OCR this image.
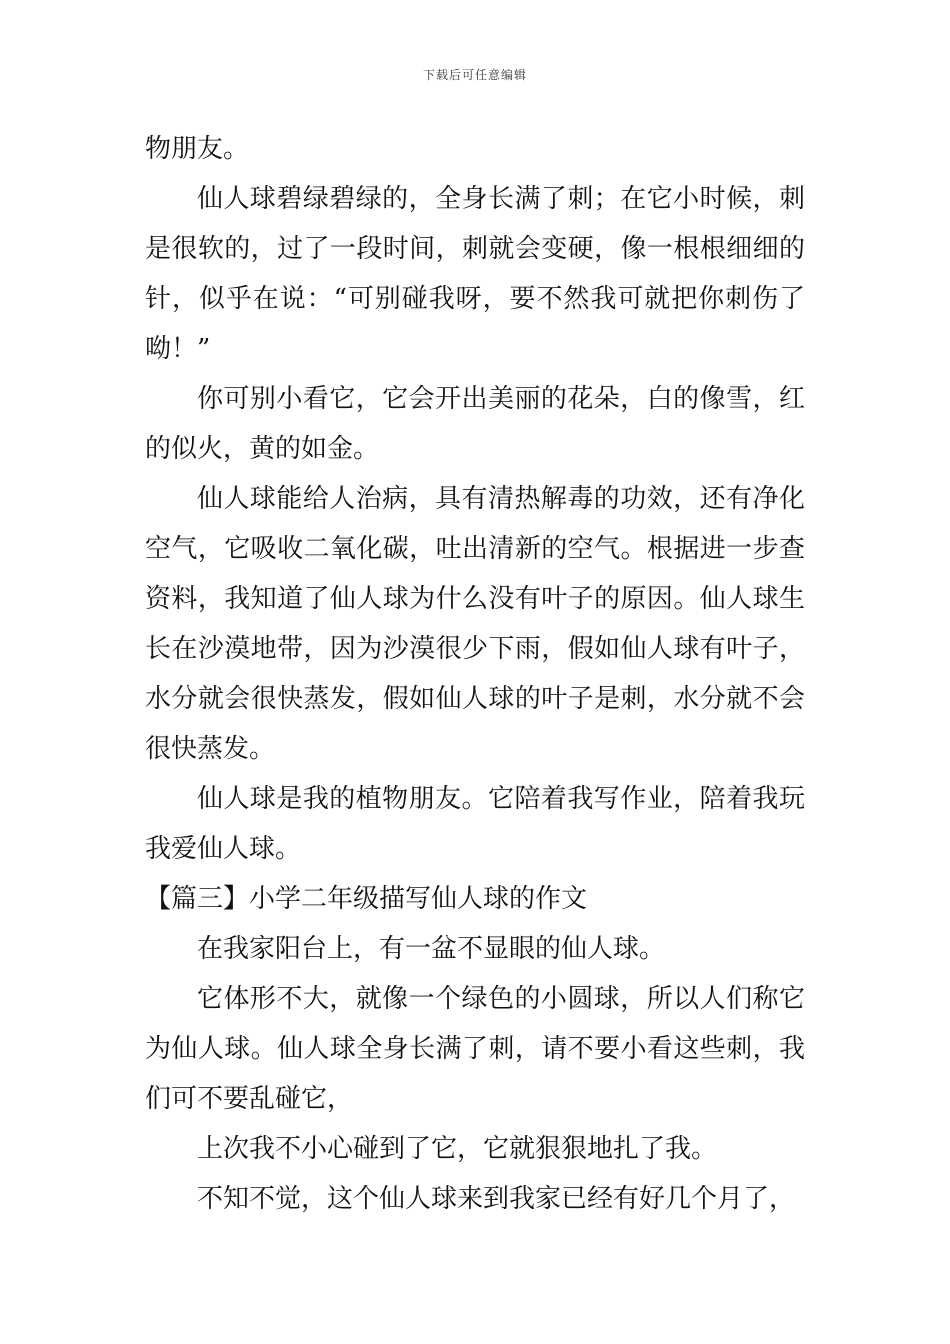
下载后可任意编辑

物朋友。

仙人球碧绿碧绿的，全身长满了刺；在它小时候，刺是很软的，过了一段时间，刺就会变硬，像一根根细细的针，似乎在说：“可别碰我呀，要不然我可就把你刺伤了呦！”

你可别小看它，它会开出美丽的花朵，白的像雪，红的似火，黄的如金。

仙人球能给人治病，具有清热解毒的功效，还有净化空气，它吸收二氧化碳，吐出清新的空气。根据进一步查资料，我知道了仙人球为什么没有叶子的原因。仙人球生长在沙漠地带，因为沙漠很少下雨，假如仙人球有叶子，水分就会很快蒸发，假如仙人球的叶子是刺，水分就不会很快蒸发。

仙人球是我的植物朋友。它陪着我写作业，陪着我玩我爱仙人球。

【篇三】小学二年级描写仙人球的作文

在我家阳台上，有一盆不显眼的仙人球。

它体形不大，就像一个绿色的小圆球，所以人们称它为仙人球。仙人球全身长满了刺，请不要小看这些刺，我们可不要乱碰它，

上次我不小心碰到了它，它就狠狠地扎了我。

不知不觉，这个仙人球来到我家已经有好几个月了，
